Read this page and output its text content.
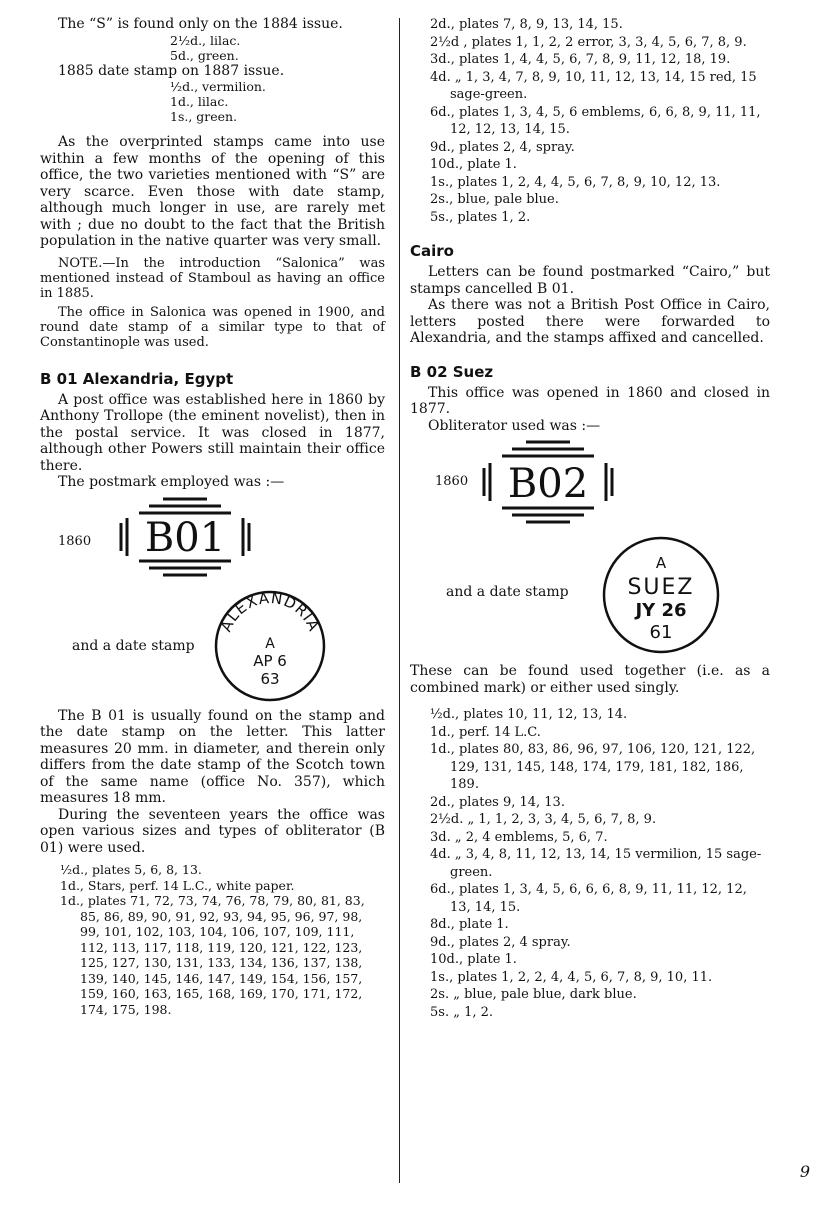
The “S” is found only on the 1884 issue.

2½d., lilac.

5d., green.

1885 date stamp on 1887 issue.

½d., vermilion.

1d., lilac.

1s., green.

As the overprinted stamps came into use within a few months of the opening of this office, the two varieties mentioned with “S” are very scarce. Even those with date stamp, although much longer in use, are rarely met with ; due no doubt to the fact that the British population in the native quarter was very small.

NOTE.—In the introduction “Salonica” was mentioned instead of Stamboul as having an office in 1885.

The office in Salonica was opened in 1900, and round date stamp of a similar type to that of Constantinople was used.

B 01 Alexandria, Egypt

A post office was established here in 1860 by Anthony Trollope (the eminent novelist), then in the postal service. It was closed in 1877, although other Powers still maintain their office there.

The postmark employed was :—

1860 B01
and a date stamp
ALEXANDRIA
A
AP 6
63

The B 01 is usually found on the stamp and the date stamp on the letter. This latter measures 20 mm. in diameter, and therein only differs from the date stamp of the Scotch town of the same name (office No. 357), which measures 18 mm.

During the seventeen years the office was open various sizes and types of obliterator (B 01) were used.

½d., plates 5, 6, 8, 13.

1d., Stars, perf. 14 L.C., white paper.

1d., plates 71, 72, 73, 74, 76, 78, 79, 80, 81, 83, 85, 86, 89, 90, 91, 92, 93, 94, 95, 96, 97, 98, 99, 101, 102, 103, 104, 106, 107, 109, 111, 112, 113, 117, 118, 119, 120, 121, 122, 123, 125, 127, 130, 131, 133, 134, 136, 137, 138, 139, 140, 145, 146, 147, 149, 154, 156, 157, 159, 160, 163, 165, 168, 169, 170, 171, 172, 174, 175, 198.

2d., plates 7, 8, 9, 13, 14, 15.

2½d , plates 1, 1, 2, 2 error, 3, 3, 4, 5, 6, 7, 8, 9.

3d., plates 1, 4, 4, 5, 6, 7, 8, 9, 11, 12, 18, 19.

4d. „ 1, 3, 4, 7, 8, 9, 10, 11, 12, 13, 14, 15 red, 15 sage-green.

6d., plates 1, 3, 4, 5, 6 emblems, 6, 6, 8, 9, 11, 11, 12, 12, 13, 14, 15.

9d., plates 2, 4, spray.

10d., plate 1.

1s., plates 1, 2, 4, 4, 5, 6, 7, 8, 9, 10, 12, 13.

2s., blue, pale blue.

5s., plates 1, 2.

Cairo

Letters can be found postmarked “Cairo,” but stamps cancelled B 01.

As there was not a British Post Office in Cairo, letters posted there were forwarded to Alexandria, and the stamps affixed and cancelled.

B 02 Suez

This office was opened in 1860 and closed in 1877.

Obliterator used was :—

1860 B02
and a date stamp
A
SUEZ
JY 26
61

These can be found used together (i.e. as a combined mark) or either used singly.

½d., plates 10, 11, 12, 13, 14.

1d., perf. 14 L.C.

1d., plates 80, 83, 86, 96, 97, 106, 120, 121, 122, 129, 131, 145, 148, 174, 179, 181, 182, 186, 189.

2d., plates 9, 14, 13.

2½d. „ 1, 1, 2, 3, 3, 4, 5, 6, 7, 8, 9.

3d. „ 2, 4 emblems, 5, 6, 7.

4d. „ 3, 4, 8, 11, 12, 13, 14, 15 vermilion, 15 sage-green.

6d., plates 1, 3, 4, 5, 6, 6, 6, 8, 9, 11, 11, 12, 12, 13, 14, 15.

8d., plate 1.

9d., plates 2, 4 spray.

10d., plate 1.

1s., plates 1, 2, 2, 4, 4, 5, 6, 7, 8, 9, 10, 11.

2s. „ blue, pale blue, dark blue.

5s. „ 1, 2.

9
